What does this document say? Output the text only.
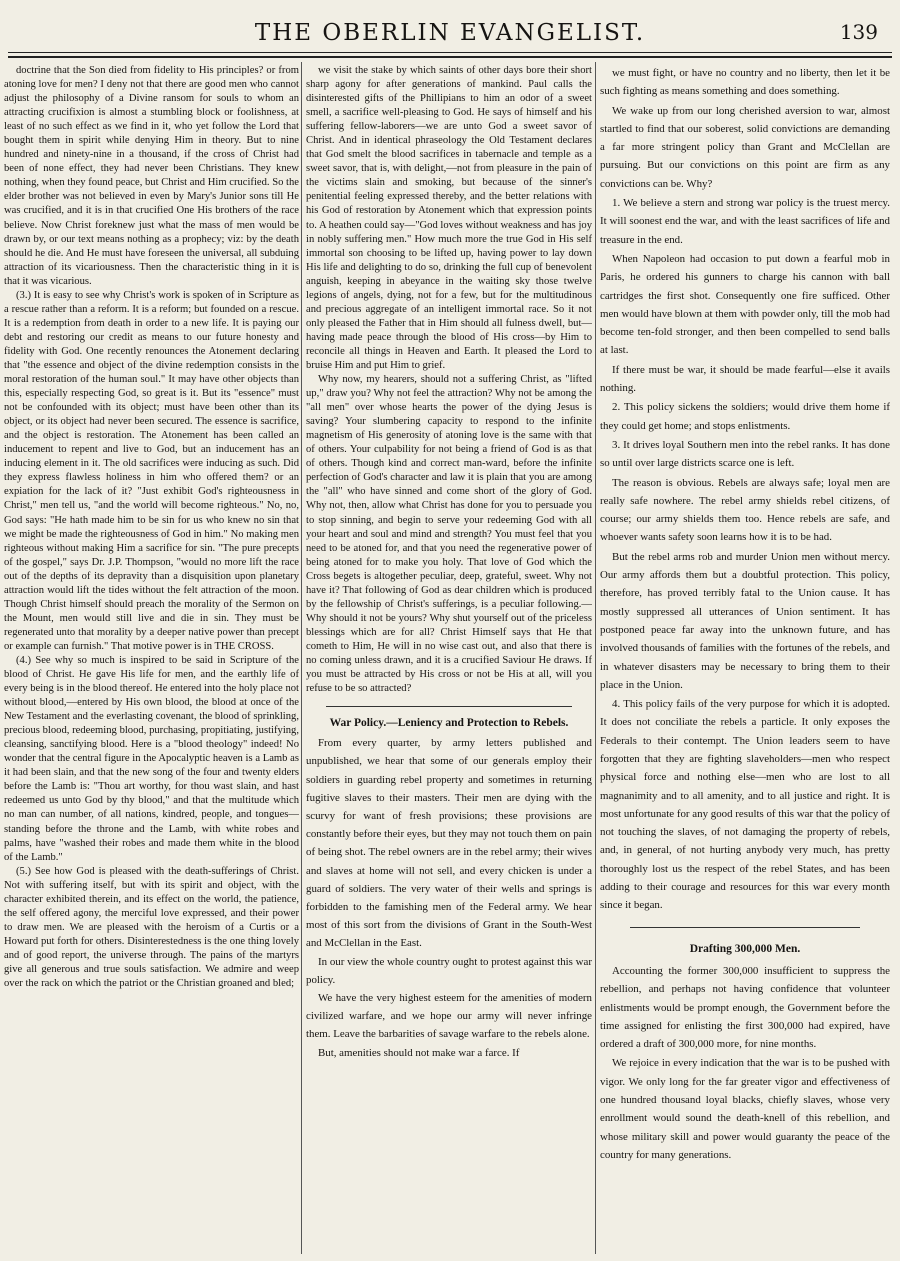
THE OBERLIN EVANGELIST.	139

doctrine that the Son died from fidelity to His principles? or from atoning love for men? I deny not that there are good men who cannot adjust the philosophy of a Divine ransom for souls to whom an attracting crucifixion is almost a stumbling block or foolishness, at least of no such effect as we find in it, who yet follow the Lord that bought them in spirit while denying Him in theory. But to nine hundred and ninety-nine in a thousand, if the cross of Christ had been of none effect, they had never been Christians. They knew nothing, when they found peace, but Christ and Him crucified. So the elder brother was not believed in even by Mary's Junior sons till He was crucified, and it is in that crucified One His brothers of the race believe. Now Christ foreknew just what the mass of men would be drawn by, or our text means nothing as a prophecy; viz: by the death should he die. And He must have foreseen the universal, all subduing attraction of its vicariousness. Then the characteristic thing in it is that it was vicarious.

(3.) It is easy to see why Christ's work is spoken of in Scripture as a rescue rather than a reform. It is a reform; but founded on a rescue. It is a redemption from death in order to a new life. It is paying our debt and restoring our credit as means to our future honesty and fidelity with God. One recently renounces the Atonement declaring that "the essence and object of the divine redemption consists in the moral restoration of the human soul." It may have other objects than this, especially respecting God, so great is it. But its "essence" must not be confounded with its object; must have been other than its object, or its object had never been secured. The essence is sacrifice, and the object is restoration. The Atonement has been called an inducement to repent and live to God, but an inducement has an inducing element in it. The old sacrifices were inducing as such. Did they express flawless holiness in him who offered them? or an expiation for the lack of it? "Just exhibit God's righteousness in Christ," men tell us, "and the world will become righteous." No, no, God says: "He hath made him to be sin for us who knew no sin that we might be made the righteousness of God in him." No making men righteous without making Him a sacrifice for sin. "The pure precepts of the gospel," says Dr. J.P. Thompson, "would no more lift the race out of the depths of its depravity than a disquisition upon planetary attraction would lift the tides without the felt attraction of the moon. Though Christ himself should preach the morality of the Sermon on the Mount, men would still live and die in sin. They must be regenerated unto that morality by a deeper native power than precept or example can furnish." That motive power is in THE CROSS.

(4.) See why so much is inspired to be said in Scripture of the blood of Christ. He gave His life for men, and the earthly life of every being is in the blood thereof. He entered into the holy place not without blood,—entered by His own blood, the blood at once of the New Testament and the everlasting covenant, the blood of sprinkling, precious blood, redeeming blood, purchasing, propitiating, justifying, cleansing, sanctifying blood. Here is a "blood theology" indeed! No wonder that the central figure in the Apocalyptic heaven is a Lamb as it had been slain, and that the new song of the four and twenty elders before the Lamb is: "Thou art worthy, for thou wast slain, and hast redeemed us unto God by thy blood," and that the multitude which no man can number, of all nations, kindred, people, and tongues—standing before the throne and the Lamb, with white robes and palms, have "washed their robes and made them white in the blood of the Lamb."

(5.) See how God is pleased with the death-sufferings of Christ. Not with suffering itself, but with its spirit and object, with the character exhibited therein, and its effect on the world, the patience, the self offered agony, the merciful love expressed, and their power to draw men. We are pleased with the heroism of a Curtis or a Howard put forth for others. Disinterestedness is the one thing lovely and of good report, the universe through. The pains of the martyrs give all generous and true souls satisfaction. We admire and weep over the rack on which the patriot or the Christian groaned and bled;

we visit the stake by which saints of other days bore their short sharp agony for after generations of mankind. Paul calls the disinterested gifts of the Phillipians to him an odor of a sweet smell, a sacrifice well-pleasing to God. He says of himself and his suffering fellow-laborers—we are unto God a sweet savor of Christ. And in identical phraseology the Old Testament declares that God smelt the blood sacrifices in tabernacle and temple as a sweet savor, that is, with delight,—not from pleasure in the pain of the victims slain and smoking, but because of the sinner's penitential feeling expressed thereby, and the better relations with his God of restoration by Atonement which that expression points to. A heathen could say—"God loves without weakness and has joy in nobly suffering men." How much more the true God in His self immortal son choosing to be lifted up, having power to lay down His life and delighting to do so, drinking the full cup of benevolent anguish, keeping in abeyance in the waiting sky those twelve legions of angels, dying, not for a few, but for the multitudinous and precious aggregate of an intelligent immortal race. So it not only pleased the Father that in Him should all fulness dwell, but—having made peace through the blood of His cross—by Him to reconcile all things in Heaven and Earth. It pleased the Lord to bruise Him and put Him to grief.

Why now, my hearers, should not a suffering Christ, as "lifted up," draw you? Why not feel the attraction? Why not be among the "all men" over whose hearts the power of the dying Jesus is saving? Your slumbering capacity to respond to the infinite magnetism of His generosity of atoning love is the same with that of others. Your culpability for not being a friend of God is as that of others. Though kind and correct man-ward, before the infinite perfection of God's character and law it is plain that you are among the "all" who have sinned and come short of the glory of God. Why not, then, allow what Christ has done for you to persuade you to stop sinning, and begin to serve your redeeming God with all your heart and soul and mind and strength? You must feel that you need to be atoned for, and that you need the regenerative power of being atoned for to make you holy. That love of God which the Cross begets is altogether peculiar, deep, grateful, sweet. Why not have it? That following of God as dear children which is produced by the fellowship of Christ's sufferings, is a peculiar following.—Why should it not be yours? Why shut yourself out of the priceless blessings which are for all? Christ Himself says that He that cometh to Him, He will in no wise cast out, and also that there is no coming unless drawn, and it is a crucified Saviour He draws. If you must be attracted by His cross or not be His at all, will you refuse to be so attracted?

War Policy.—Leniency and Protection to Rebels.

From every quarter, by army letters published and unpublished, we hear that some of our generals employ their soldiers in guarding rebel property and sometimes in returning fugitive slaves to their masters. Their men are dying with the scurvy for want of fresh provisions; these provisions are constantly before their eyes, but they may not touch them on pain of being shot. The rebel owners are in the rebel army; their wives and slaves at home will not sell, and every chicken is under a guard of soldiers. The very water of their wells and springs is forbidden to the famishing men of the Federal army. We hear most of this sort from the divisions of Grant in the South-West and McClellan in the East.

In our view the whole country ought to protest against this war policy.

We have the very highest esteem for the amenities of modern civilized warfare, and we hope our army will never infringe them. Leave the barbarities of savage warfare to the rebels alone.

But, amenities should not make war a farce. If

we must fight, or have no country and no liberty, then let it be such fighting as means something and does something.

We wake up from our long cherished aversion to war, almost startled to find that our soberest, solid convictions are demanding a far more stringent policy than Grant and McClellan are pursuing. But our convictions on this point are firm as any convictions can be. Why?

1. We believe a stern and strong war policy is the truest mercy. It will soonest end the war, and with the least sacrifices of life and treasure in the end.

When Napoleon had occasion to put down a fearful mob in Paris, he ordered his gunners to charge his cannon with ball cartridges the first shot. Consequently one fire sufficed. Other men would have blown at them with powder only, till the mob had become ten-fold stronger, and then been compelled to send balls at last.

If there must be war, it should be made fearful—else it avails nothing.

2. This policy sickens the soldiers; would drive them home if they could get home; and stops enlistments.

3. It drives loyal Southern men into the rebel ranks. It has done so until over large districts scarce one is left.

The reason is obvious. Rebels are always safe; loyal men are really safe nowhere. The rebel army shields rebel citizens, of course; our army shields them too. Hence rebels are safe, and whoever wants safety soon learns how it is to be had.

But the rebel arms rob and murder Union men without mercy. Our army affords them but a doubtful protection. This policy, therefore, has proved terribly fatal to the Union cause. It has mostly suppressed all utterances of Union sentiment. It has postponed peace far away into the unknown future, and has involved thousands of families with the fortunes of the rebels, and in whatever disasters may be necessary to bring them to their place in the Union.

4. This policy fails of the very purpose for which it is adopted. It does not conciliate the rebels a particle. It only exposes the Federals to their contempt. The Union leaders seem to have forgotten that they are fighting slaveholders—men who respect physical force and nothing else—men who are lost to all magnanimity and to all amenity, and to all justice and right. It is most unfortunate for any good results of this war that the policy of not touching the slaves, of not damaging the property of rebels, and, in general, of not hurting anybody very much, has pretty thoroughly lost us the respect of the rebel States, and has been adding to their courage and resources for this war every month since it began.

Drafting 300,000 Men.

Accounting the former 300,000 insufficient to suppress the rebellion, and perhaps not having confidence that volunteer enlistments would be prompt enough, the Government before the time assigned for enlisting the first 300,000 had expired, have ordered a draft of 300,000 more, for nine months.

We rejoice in every indication that the war is to be pushed with vigor. We only long for the far greater vigor and effectiveness of one hundred thousand loyal blacks, chiefly slaves, whose very enrollment would sound the death-knell of this rebellion, and whose military skill and power would guaranty the peace of the country for many generations.
